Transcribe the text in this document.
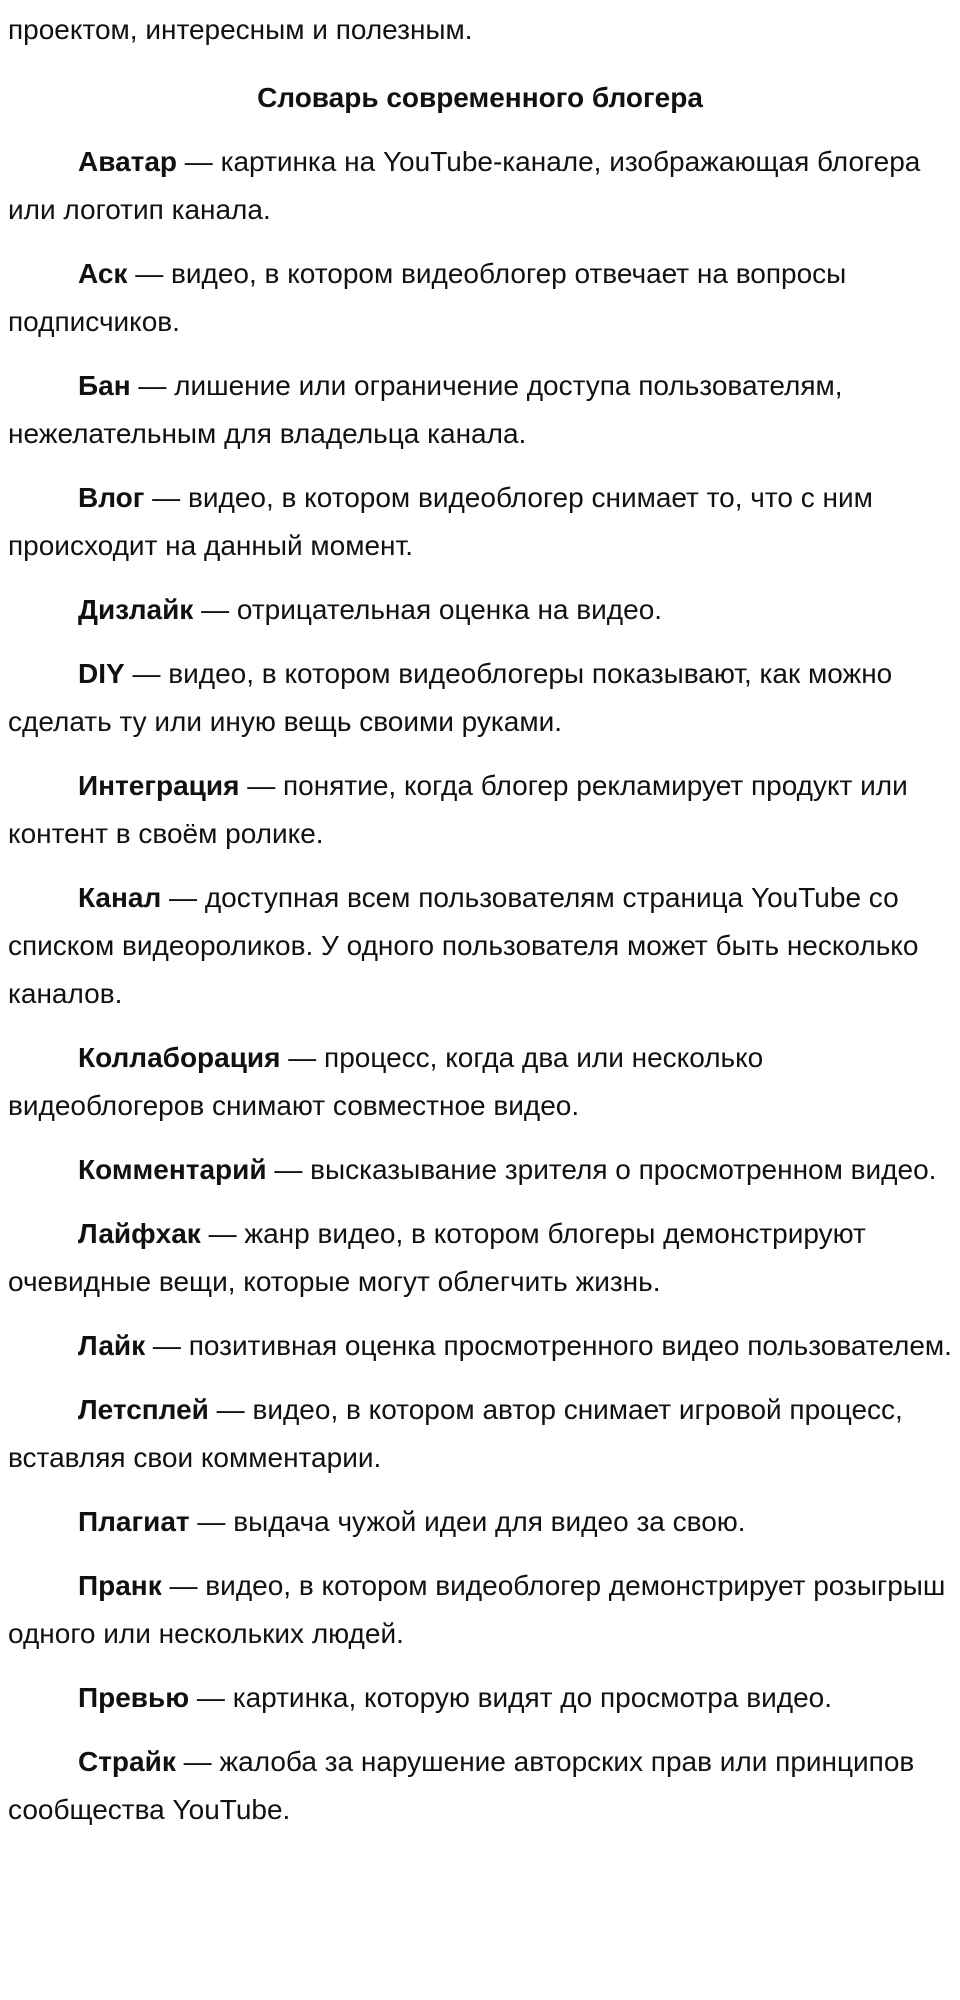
проектом, интересным и полезным.

Словарь современного блогера

Аватар — картинка на YouTube-канале, изображающая блогера или логотип канала.

Аск — видео, в котором видеоблогер отвечает на вопросы подписчиков.

Бан — лишение или ограничение доступа пользователям, нежелательным для владельца канала.

Влог — видео, в котором видеоблогер снимает то, что с ним происходит на данный момент.

Дизлайк — отрицательная оценка на видео.

DIY — видео, в котором видеоблогеры показывают, как можно сделать ту или иную вещь своими руками.

Интеграция — понятие, когда блогер рекламирует продукт или контент в своём ролике.

Канал — доступная всем пользователям страница YouTube со списком видеороликов. У одного пользователя может быть несколько каналов.

Коллаборация — процесс, когда два или несколько видеоблогеров снимают совместное видео.

Комментарий — высказывание зрителя о просмотренном видео.

Лайфхак — жанр видео, в котором блогеры демонстрируют очевидные вещи, которые могут облегчить жизнь.

Лайк — позитивная оценка просмотренного видео пользователем.

Летсплей — видео, в котором автор снимает игровой процесс, вставляя свои комментарии.

Плагиат — выдача чужой идеи для видео за свою.

Пранк — видео, в котором видеоблогер демонстрирует розыгрыш одного или нескольких людей.

Превью — картинка, которую видят до просмотра видео.

Страйк — жалоба за нарушение авторских прав или принципов сообщества YouTube.
